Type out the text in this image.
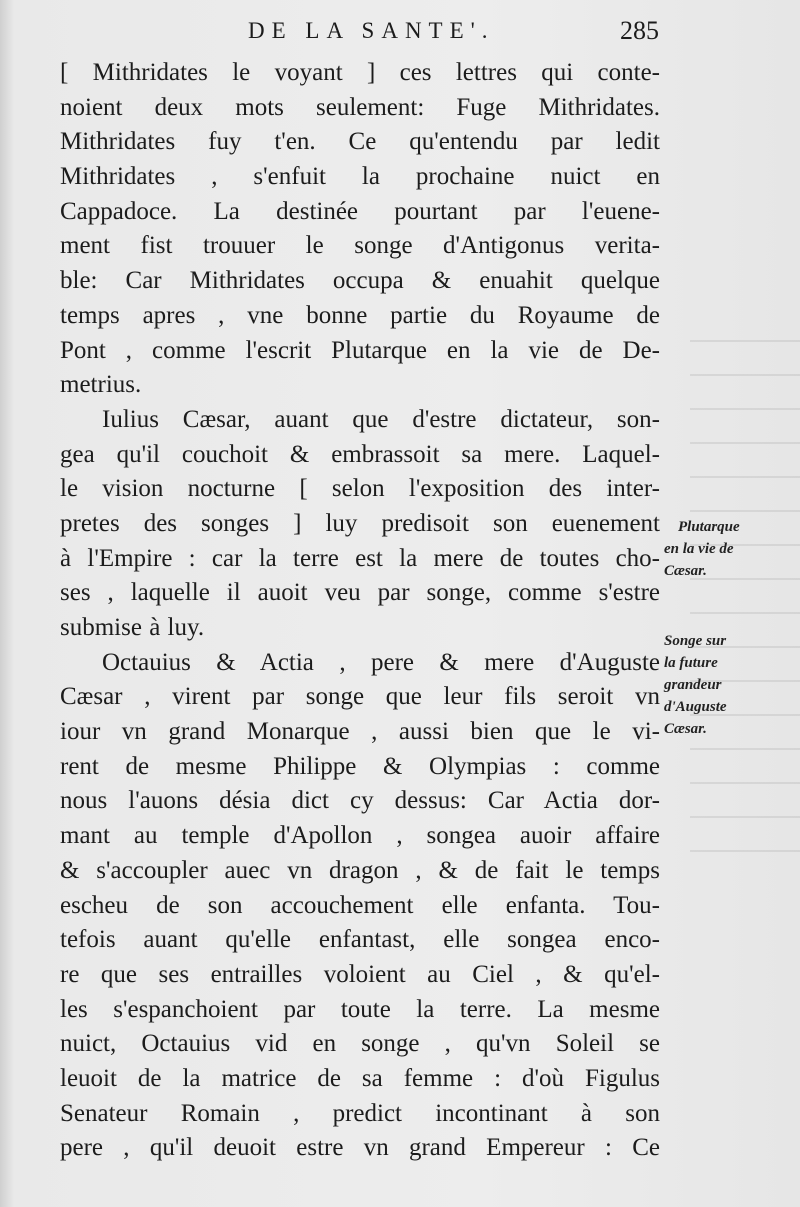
DE LA SANTE'.	285
[ Mithridates le voyant ] ces lettres qui conte-
noient deux mots seulement: Fuge Mithridates.
Mithridates fuy t'en. Ce qu'entendu par ledit
Mithridates , s'enfuit la prochaine nuict en
Cappadoce. La destinée pourtant par l'euene-
ment fist trouuer le songe d'Antigonus verita-
ble: Car Mithridates occupa & enuahit quelque
temps apres , vne bonne partie du Royaume de
Pont , comme l'escrit Plutarque en la vie de De-
metrius.
Iulius Cæsar, auant que d'estre dictateur, son-
gea qu'il couchoit & embrassoit sa mere. Laquel-
le vision nocturne [ selon l'exposition des inter-
pretes des songes ] luy predisoit son euenement
à l'Empire : car la terre est la mere de toutes cho-
ses , laquelle il auoit veu par songe, comme s'estre
submise à luy.
Octauius & Actia , pere & mere d'Auguste
Cæsar , virent par songe que leur fils seroit vn
iour vn grand Monarque , aussi bien que le vi-
rent de mesme Philippe & Olympias : comme
nous l'auons désia dict cy dessus: Car Actia dor-
mant au temple d'Apollon , songea auoir affaire
& s'accoupler auec vn dragon , & de fait le temps
escheu de son accouchement elle enfanta. Tou-
tefois auant qu'elle enfantast, elle songea enco-
re que ses entrailles voloient au Ciel , & qu'el-
les s'espanchoient par toute la terre. La mesme
nuict, Octauius vid en songe , qu'vn Soleil se
leuoit de la matrice de sa femme : d'où Figulus
Senateur Romain , predict incontinant à son
pere , qu'il deuoit estre vn grand Empereur : Ce
Plutarque
en la vie de
Cæsar.
Songe sur
la future
grandeur
d'Auguste
Cæsar.
